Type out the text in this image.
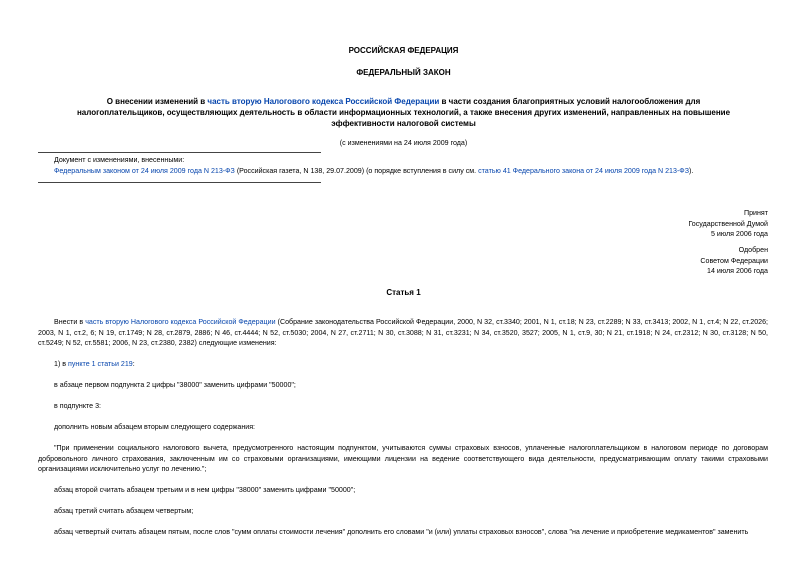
РОССИЙСКАЯ ФЕДЕРАЦИЯ
ФЕДЕРАЛЬНЫЙ ЗАКОН
О внесении изменений в часть вторую Налогового кодекса Российской Федерации в части создания благоприятных условий налогообложения для
налогоплательщиков, осуществляющих деятельность в области информационных технологий, а также внесения других изменений, направленных на повышение
эффективности налоговой системы
(с изменениями на 24 июля 2009 года)
Документ с изменениями, внесенными:
Федеральным законом от 24 июля 2009 года N 213-ФЗ (Российская газета, N 138, 29.07.2009) (о порядке вступления в силу см. статью 41 Федерального закона от 24 июля 2009 года N 213-ФЗ).
Принят
Государственной Думой
5 июля 2006 года
Одобрен
Советом Федерации
14 июля 2006 года
Статья 1
Внести в часть вторую Налогового кодекса Российской Федерации (Собрание законодательства Российской Федерации, 2000, N 32, ст.3340; 2001, N 1, ст.18; N 23, ст.2289; N 33, ст.3413; 2002, N 1, ст.4; N 22, ст.2026; 2003, N 1, ст.2, 6; N 19, ст.1749; N 28, ст.2879, 2886; N 46, ст.4444; N 52, ст.5030; 2004, N 27, ст.2711; N 30, ст.3088; N 31, ст.3231; N 34, ст.3520, 3527; 2005, N 1, ст.9, 30; N 21, ст.1918; N 24, ст.2312; N 30, ст.3128; N 50, ст.5249; N 52, ст.5581; 2006, N 23, ст.2380, 2382) следующие изменения:
1) в пункте 1 статьи 219:
в абзаце первом подпункта 2 цифры "38000" заменить цифрами "50000";
в подпункте 3:
дополнить новым абзацем вторым следующего содержания:
"При применении социального налогового вычета, предусмотренного настоящим подпунктом, учитываются суммы страховых взносов, уплаченные налогоплательщиком в налоговом периоде по договорам добровольного личного страхования, заключенным им со страховыми организациями, имеющими лицензии на ведение соответствующего вида деятельности, предусматривающим оплату такими страховыми организациями исключительно услуг по лечению.";
абзац второй считать абзацем третьим и в нем цифры "38000" заменить цифрами "50000";
абзац третий считать абзацем четвертым;
абзац четвертый считать абзацем пятым, после слов "сумм оплаты стоимости лечения" дополнить его словами "и (или) уплаты страховых взносов", слова "на лечение и приобретение медикаментов" заменить
